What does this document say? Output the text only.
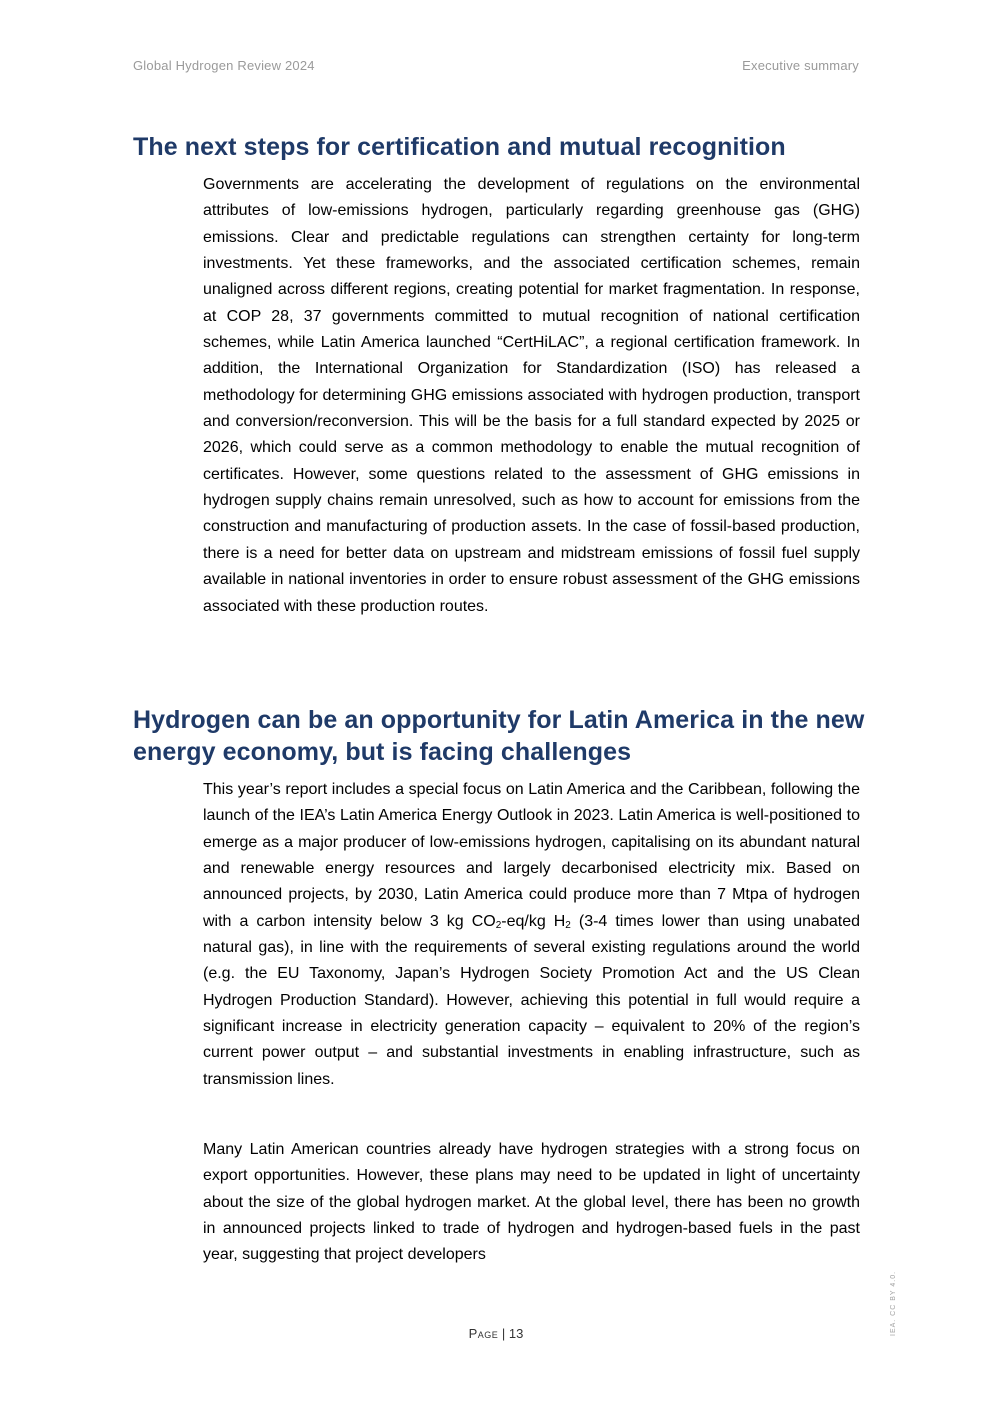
Global Hydrogen Review 2024	Executive summary
The next steps for certification and mutual recognition

Governments are accelerating the development of regulations on the environmental attributes of low-emissions hydrogen, particularly regarding greenhouse gas (GHG) emissions. Clear and predictable regulations can strengthen certainty for long-term investments. Yet these frameworks, and the associated certification schemes, remain unaligned across different regions, creating potential for market fragmentation. In response, at COP 28, 37 governments committed to mutual recognition of national certification schemes, while Latin America launched “CertHiLAC”, a regional certification framework. In addition, the International Organization for Standardization (ISO) has released a methodology for determining GHG emissions associated with hydrogen production, transport and conversion/reconversion. This will be the basis for a full standard expected by 2025 or 2026, which could serve as a common methodology to enable the mutual recognition of certificates. However, some questions related to the assessment of GHG emissions in hydrogen supply chains remain unresolved, such as how to account for emissions from the construction and manufacturing of production assets. In the case of fossil-based production, there is a need for better data on upstream and midstream emissions of fossil fuel supply available in national inventories in order to ensure robust assessment of the GHG emissions associated with these production routes.

Hydrogen can be an opportunity for Latin America in the new energy economy, but is facing challenges

This year’s report includes a special focus on Latin America and the Caribbean, following the launch of the IEA’s Latin America Energy Outlook in 2023. Latin America is well-positioned to emerge as a major producer of low-emissions hydrogen, capitalising on its abundant natural and renewable energy resources and largely decarbonised electricity mix. Based on announced projects, by 2030, Latin America could produce more than 7 Mtpa of hydrogen with a carbon intensity below 3 kg $CO_2-eq/kg$ $H_2$ (3-4 times lower than using unabated natural gas), in line with the requirements of several existing regulations around the world (e.g. the EU Taxonomy, Japan’s Hydrogen Society Promotion Act and the US Clean Hydrogen Production Standard). However, achieving this potential in full would require a significant increase in electricity generation capacity – equivalent to 20% of the region’s current power output – and substantial investments in enabling infrastructure, such as transmission lines.

Many Latin American countries already have hydrogen strategies with a strong focus on export opportunities. However, these plans may need to be updated in light of uncertainty about the size of the global hydrogen market. At the global level, there has been no growth in announced projects linked to trade of hydrogen and hydrogen-based fuels in the past year, suggesting that project developers

Page | 13	IEA. CC BY 4.0.
